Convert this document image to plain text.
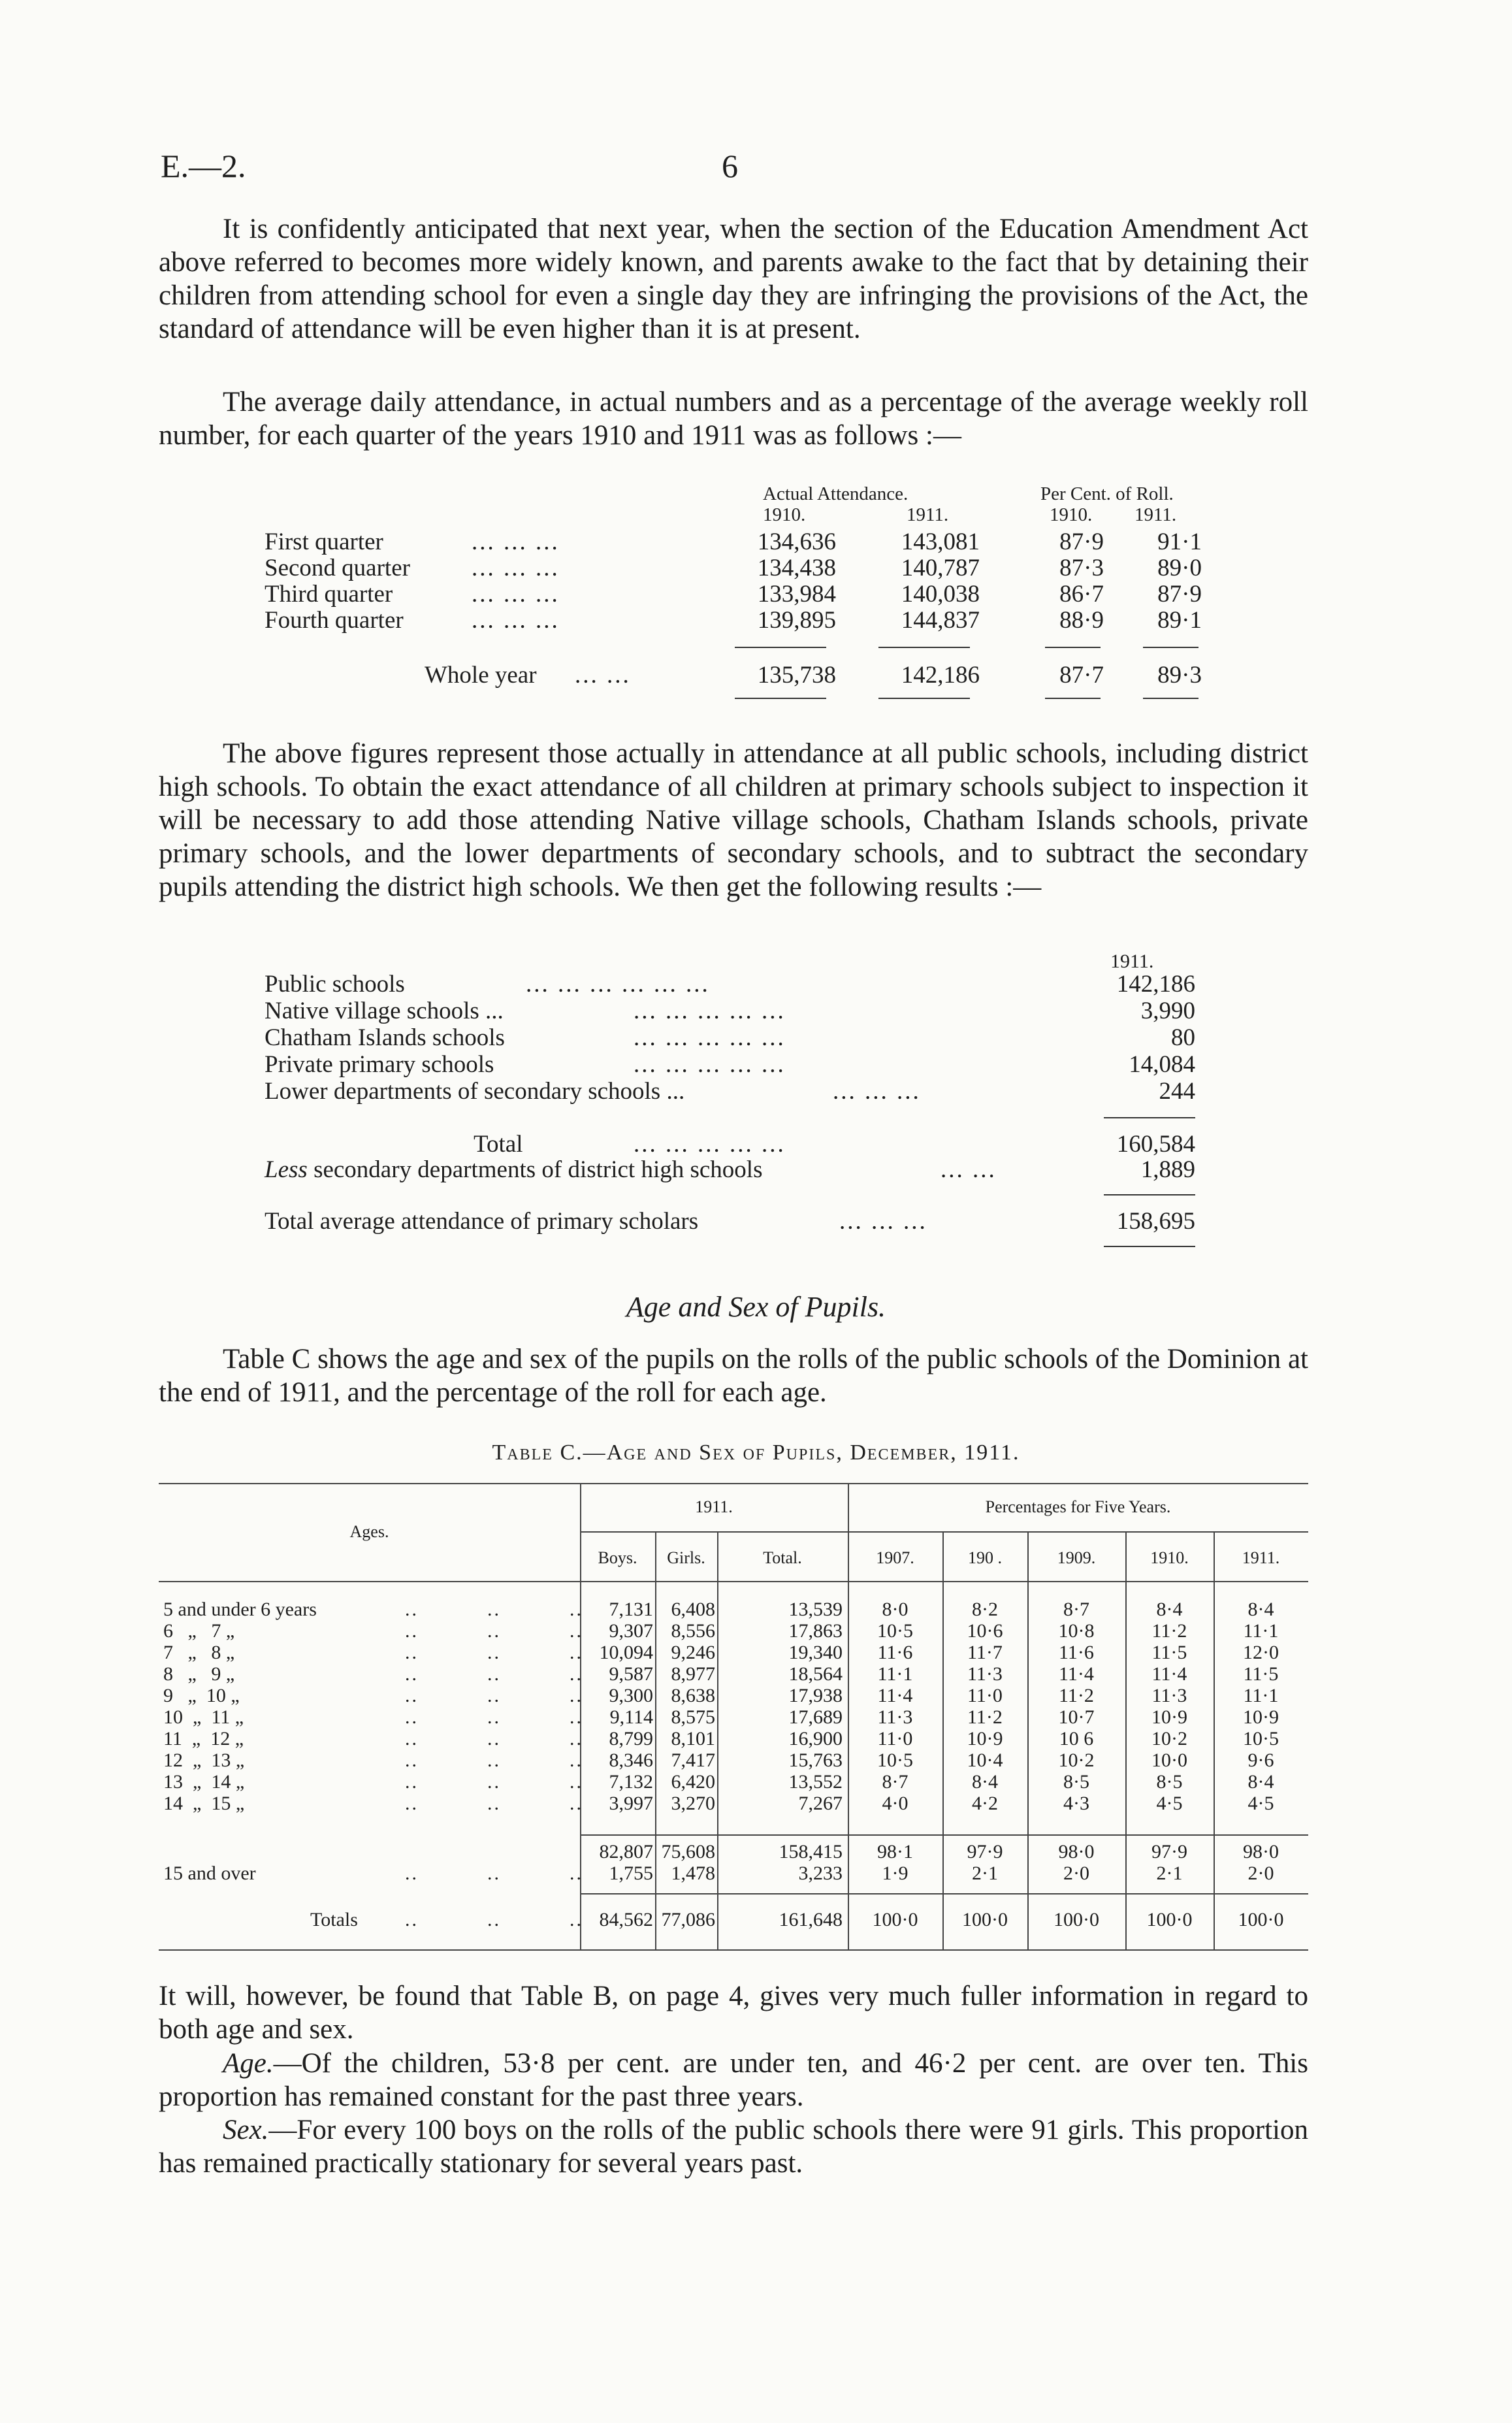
E.—2.	6

It is confidently anticipated that next year, when the section of the Education Amendment Act above referred to becomes more widely known, and parents awake to the fact that by detaining their children from attending school for even a single day they are infringing the provisions of the Act, the standard of attendance will be even higher than it is at present.

The average daily attendance, in actual numbers and as a percentage of the average weekly roll number, for each quarter of the years 1910 and 1911 was as follows :—

Actual Attendance.	Per Cent. of Roll.
1910.	1911.	1910. 1911.
First quarter	... ... ...	134,636	143,081	87·9	91·1
Second quarter	... ... ...	134,438	140,787	87·3	89·0
Third quarter	... ... ...	133,984	140,038	86·7	87·9
Fourth quarter	... ... ...	139,895	144,837	88·9	89·1
Whole year ... ...	135,738	142,186	87·7	89·3

The above figures represent those actually in attendance at all public schools, including district high schools. To obtain the exact attendance of all children at primary schools subject to inspection it will be necessary to add those attending Native village schools, Chatham Islands schools, private primary schools, and the lower departments of secondary schools, and to subtract the secondary pupils attending the district high schools. We then get the following results :—

1911.
Public schools	... ... ... ... ... ...	142,186
Native village schools ...	... ... ... ... ...	3,990
Chatham Islands schools	... ... ... ... ...	80
Private primary schools	... ... ... ... ...	14,084
Lower departments of secondary schools ...	... ... ...	244
Total	... ... ... ... ...	160,584
Less secondary departments of district high schools	... ...	1,889
Total average attendance of primary scholars	... ... ...	158,695
Age and Sex of Pupils.

Table C shows the age and sex of the pupils on the rolls of the public schools of the Dominion at the end of 1911, and the percentage of the roll for each age.

Table C.—Age and Sex of Pupils, December, 1911.
Ages.
1911.	Percentages for Five Years.
Boys.	Girls.	Total.	1907.	190 .	1909.	1910.	1911.
5 and under 6 years	..          ..          ..	7,131 6,408	13,539	8·0	8·2	8·7	8·4	8·4
6   „   7 „	..          ..          ..	9,307 8,556	17,863	10·5	10·6	10·8	11·2	11·1
7   „   8 „	..          ..          .. 10,094 9,246	19,340	11·6	11·7	11·6	11·5	12·0
8   „   9 „	..          ..          ..	9,587 8,977	18,564	11·1	11·3	11·4	11·4	11·5
9   „  10 „	..          ..          ..	9,300 8,638	17,938	11·4	11·0	11·2	11·3	11·1
10  „  11 „	..          ..          ..	9,114 8,575	17,689	11·3	11·2	10·7	10·9	10·9
11  „  12 „	..          ..          ..	8,799 8,101	16,900	11·0	10·9	10 6	10·2	10·5
12  „  13 „	..          ..          ..	8,346 7,417	15,763	10·5	10·4	10·2	10·0	9·6
13  „  14 „	..          ..          ..	7,132 6,420	13,552	8·7	8·4	8·5	8·5	8·4
14  „  15 „	..          ..          ..	3,997 3,270	7,267	4·0	4·2	4·3	4·5	4·5
82,807 75,608	158,415	98·1	97·9	98·0	97·9	98·0
15 and over	..          ..          ..	1,755 1,478	3,233	1·9	2·1	2·0	2·1	2·0
Totals ..          ..          .. 84,562 77,086	161,648	100·0	100·0	100·0	100·0	100·0

It will, however, be found that Table B, on page 4, gives very much fuller information in regard to both age and sex.

Age.—Of the children, 53·8 per cent. are under ten, and 46·2 per cent. are over ten. This proportion has remained constant for the past three years.

Sex.—For every 100 boys on the rolls of the public schools there were 91 girls. This proportion has remained practically stationary for several years past.
